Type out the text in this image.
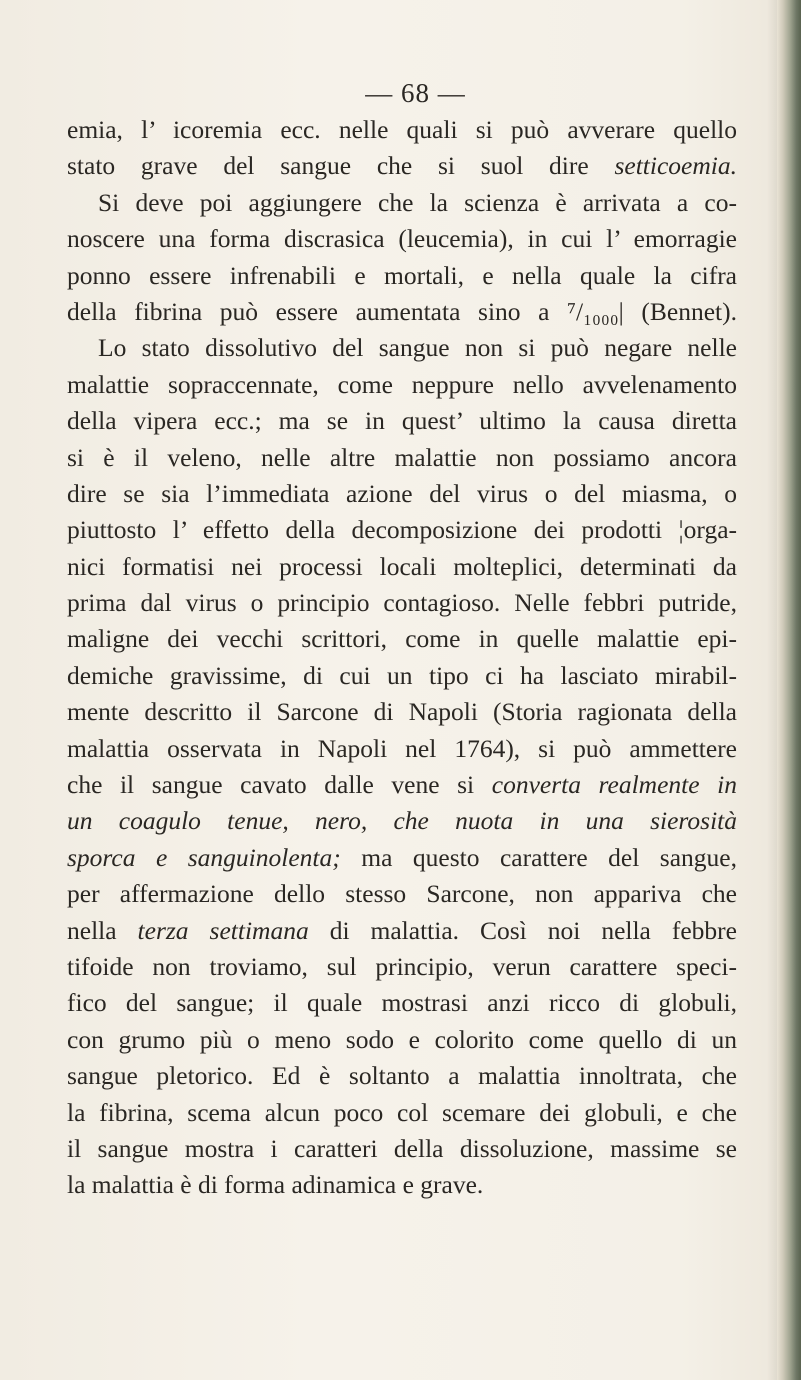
— 68 —
emia, l’ icoremia ecc. nelle quali si può avverare quello
stato grave del sangue che si suol dire setticoemia.
Si deve poi aggiungere che la scienza è arrivata a co-
noscere una forma discrasica (leucemia), in cui l’ emorragie
ponno essere infrenabili e mortali, e nella quale la cifra
della fibrina può essere aumentata sino a ⁷/₁₀₀₀| (Bennet).
Lo stato dissolutivo del sangue non si può negare nelle
malattie sopraccennate, come neppure nello avvelenamento
della vipera ecc.; ma se in quest’ ultimo la causa diretta
si è il veleno, nelle altre malattie non possiamo ancora
dire se sia l’immediata azione del virus o del miasma, o
piuttosto l’ effetto della decomposizione dei prodotti ¦orga-
nici formatisi nei processi locali molteplici, determinati da
prima dal virus o principio contagioso. Nelle febbri putride,
maligne dei vecchi scrittori, come in quelle malattie epi-
demiche gravissime, di cui un tipo ci ha lasciato mirabil-
mente descritto il Sarcone di Napoli (Storia ragionata della
malattia osservata in Napoli nel 1764), si può ammettere
che il sangue cavato dalle vene si converta realmente in
un coagulo tenue, nero, che nuota in una sierosità
sporca e sanguinolenta; ma questo carattere del sangue,
per affermazione dello stesso Sarcone, non appariva che
nella terza settimana di malattia. Così noi nella febbre
tifoide non troviamo, sul principio, verun carattere speci-
fico del sangue; il quale mostrasi anzi ricco di globuli,
con grumo più o meno sodo e colorito come quello di un
sangue pletorico. Ed è soltanto a malattia innoltrata, che
la fibrina, scema alcun poco col scemare dei globuli, e che
il sangue mostra i caratteri della dissoluzione, massime se
la malattia è di forma adinamica e grave.
